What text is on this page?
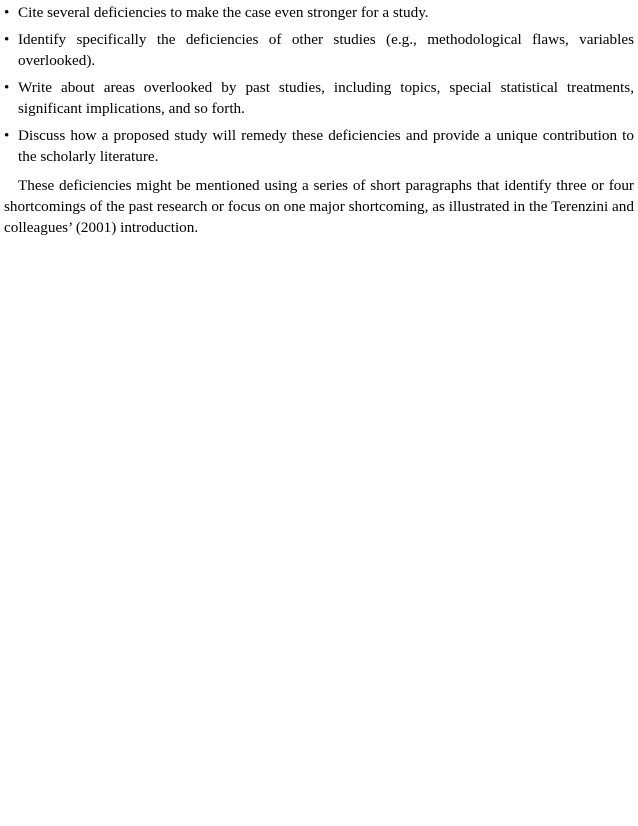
• Cite several deficiencies to make the case even stronger for a study.
• Identify specifically the deficiencies of other studies (e.g., methodological flaws, variables overlooked).
• Write about areas overlooked by past studies, including topics, special statistical treatments, significant implications, and so forth.
• Discuss how a proposed study will remedy these deficiencies and provide a unique contribution to the scholarly literature.

These deficiencies might be mentioned using a series of short paragraphs that identify three or four shortcomings of the past research or focus on one major shortcoming, as illustrated in the Terenzini and colleagues’ (2001) introduction.
